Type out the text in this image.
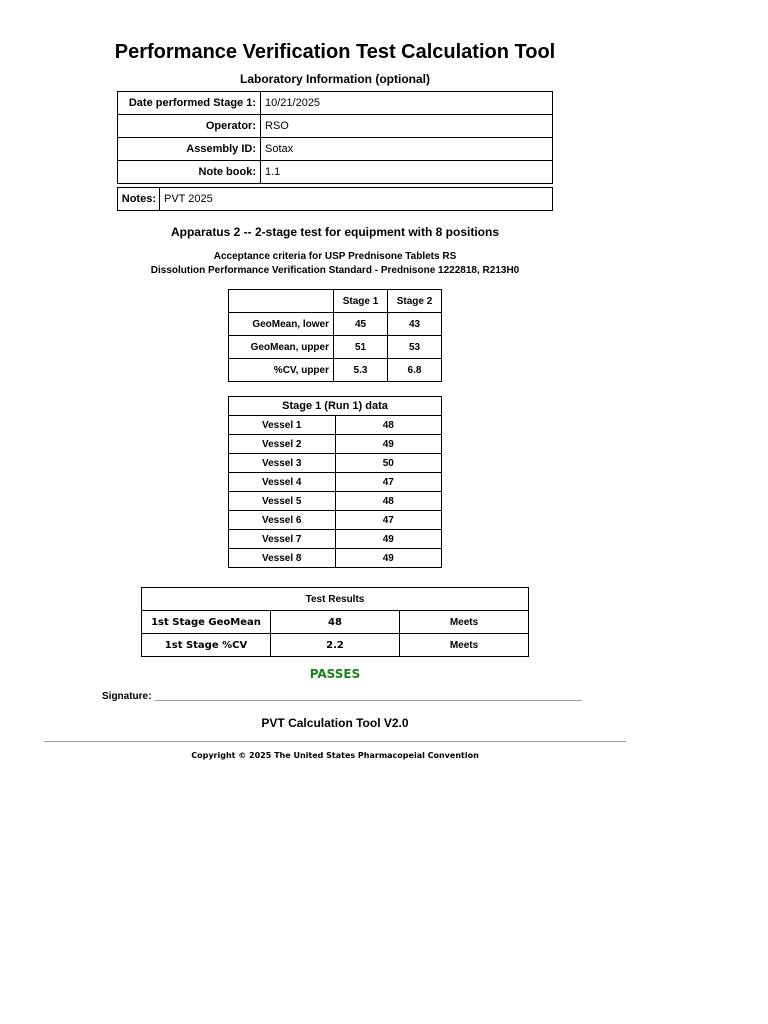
Performance Verification Test Calculation Tool
Laboratory Information (optional)
Date performed Stage 1:	10/21/2025
Operator:	RSO
Assembly ID:	Sotax
Note book:	1.1
Notes:	PVT 2025
Apparatus 2 -- 2-stage test for equipment with 8 positions
Acceptance criteria for USP Prednisone Tablets RS
Dissolution Performance Verification Standard - Prednisone 1222818, R213H0
	Stage 1	Stage 2
GeoMean, lower	45	43
GeoMean, upper	51	53
%CV, upper	5.3	6.8
Stage 1 (Run 1) data	
Vessel 1	48
Vessel 2	49
Vessel 3	50
Vessel 4	47
Vessel 5	48
Vessel 6	47
Vessel 7	49
Vessel 8	49
Test Results		
1st Stage GeoMean	48	Meets
1st Stage %CV	2.2	Meets
PASSES
Signature: _____________________________________________________________________________
PVT Calculation Tool V2.0
Copyright © 2025 The United States Pharmacopeial Convention
